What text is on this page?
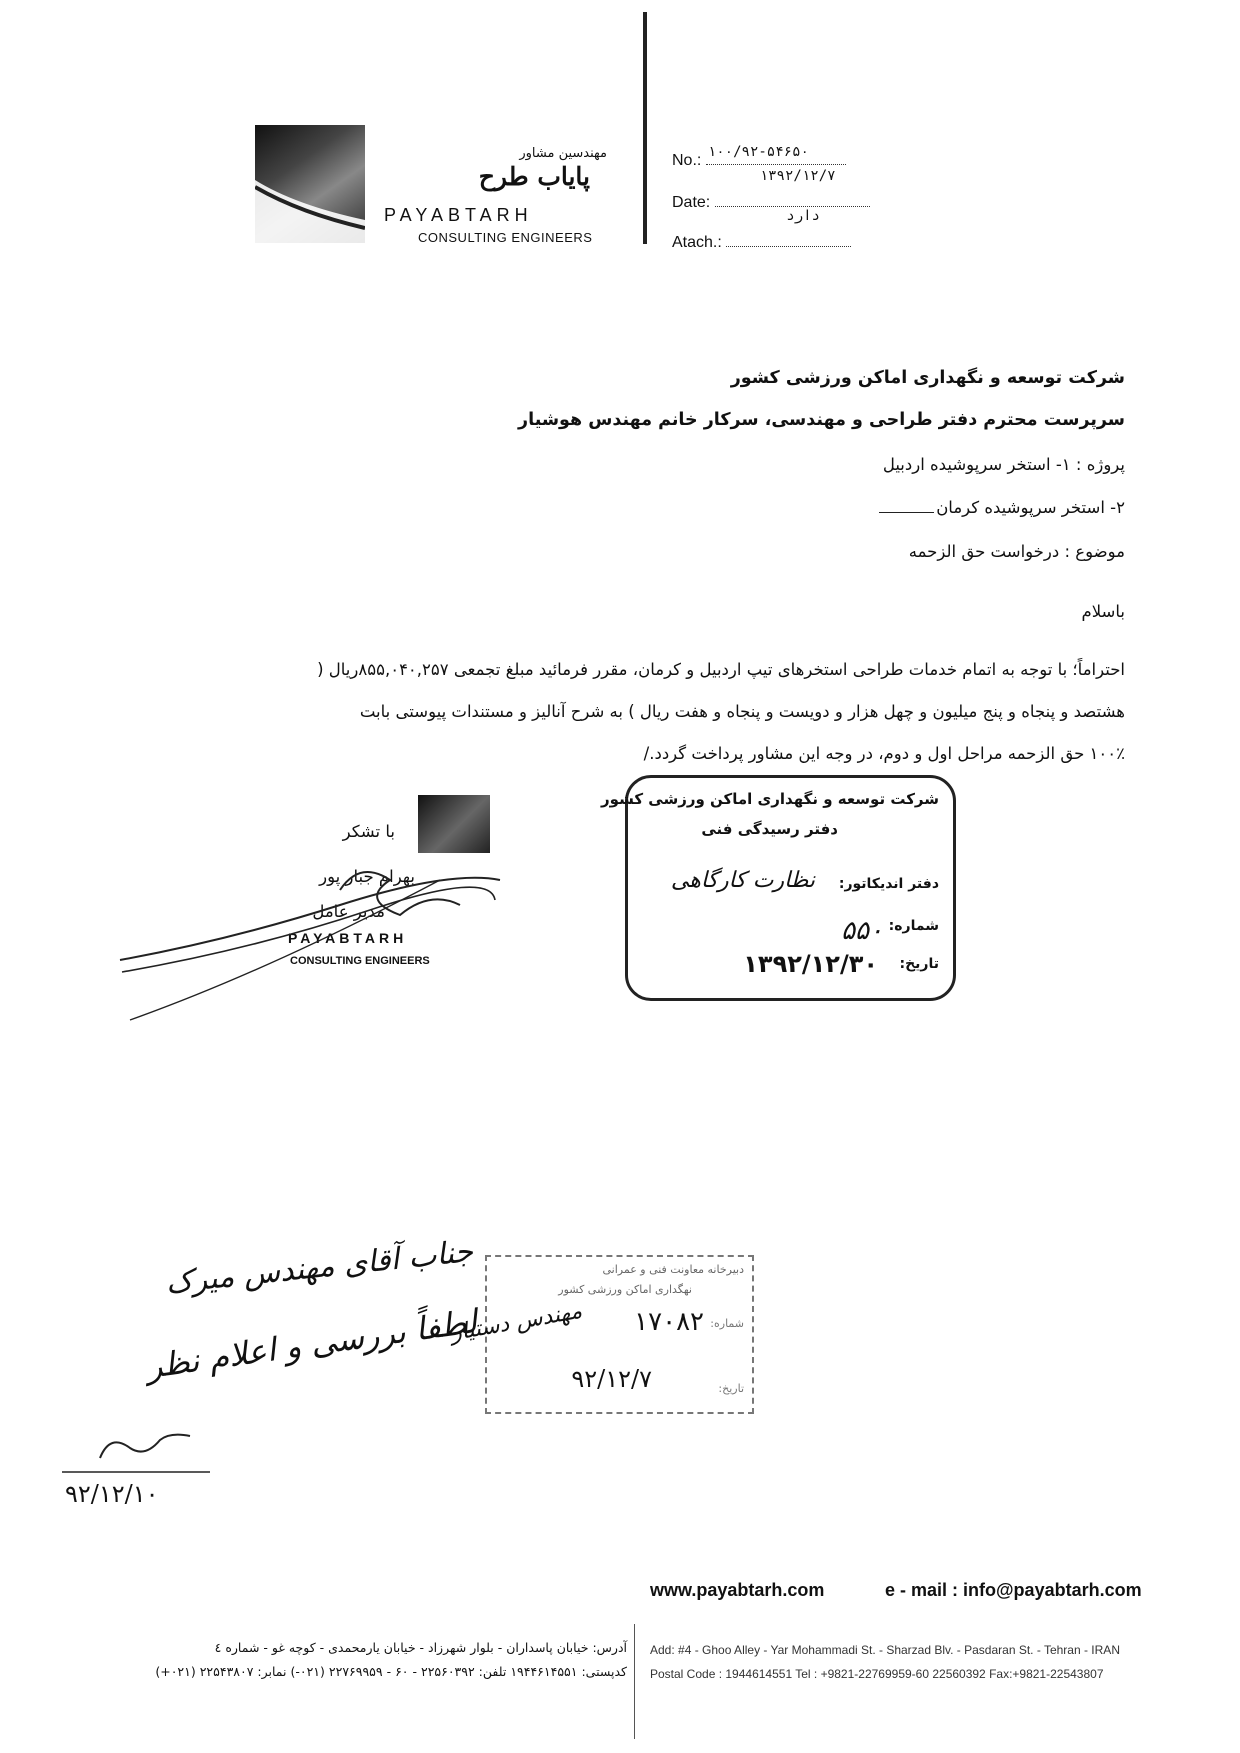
مهندسین مشاور
پایاب طرح
PAYABTARH
CONSULTING ENGINEERS
No.: ۱۰۰/۹۲-۵۴۶۵۰
Date:
۱۳۹۲/۱۲/۷
Atach.:
دارد
شرکت توسعه و نگهداری اماکن ورزشی کشور
سرپرست محترم دفتر طراحی و مهندسی، سرکار خانم مهندس هوشیار
پروژه : ۱- استخر سرپوشیده اردبیل
۲- استخر سرپوشیده کرمان
موضوع : درخواست حق الزحمه
باسلام
احتراماً؛ با توجه به اتمام خدمات طراحی استخرهای تیپ اردبیل و کرمان، مقرر فرمائید مبلغ تجمعی ۸۵۵,۰۴۰,۲۵۷ریال (
هشتصد و پنجاه و پنج میلیون و چهل هزار و دویست و پنجاه و هفت ریال ) به شرح آنالیز و مستندات پیوستی بابت
۱۰۰٪ حق الزحمه مراحل اول و دوم، در وجه این مشاور پرداخت گردد./
با تشکر
بهرام جبار پور
مدیر عامل
PAYABTARH
CONSULTING ENGINEERS
شرکت توسعه و نگهداری اماکن ورزشی کشور
دفتر رسیدگی فنی
دفتر اندیکاتور:
نظارت کارگاهی
شماره:
۵۵۰
تاریخ:
۱۳۹۲/۱۲/۳۰
دبیرخانه معاونت فنی و عمرانی
نهگداری اماکن ورزشی کشور
شماره:
۱۷۰۸۲
تاریخ:
۹۲/۱۲/۷
مهندس دستیار
جناب آقای مهندس میرک
لطفاً بررسی و اعلام نظر
۹۲/۱۲/۱۰
www.payabtarh.com	e - mail : info@payabtarh.com
آدرس: خیابان پاسداران - بلوار شهرزاد - خیابان یارمحمدی - کوچه غو - شماره ٤
کدپستی: ۱۹۴۴۶۱۴۵۵۱ تلفن: ۲۲۵۶۰۳۹۲ - ۶۰ - ۲۲۷۶۹۹۵۹ (۰۲۱-) نمابر: ۲۲۵۴۳۸۰۷ (۰۲۱+)
Add: #4 - Ghoo Alley - Yar Mohammadi St. - Sharzad Blv. - Pasdaran St. - Tehran - IRAN
Postal Code : 1944614551 Tel : +9821-22769959-60 22560392 Fax:+9821-22543807
